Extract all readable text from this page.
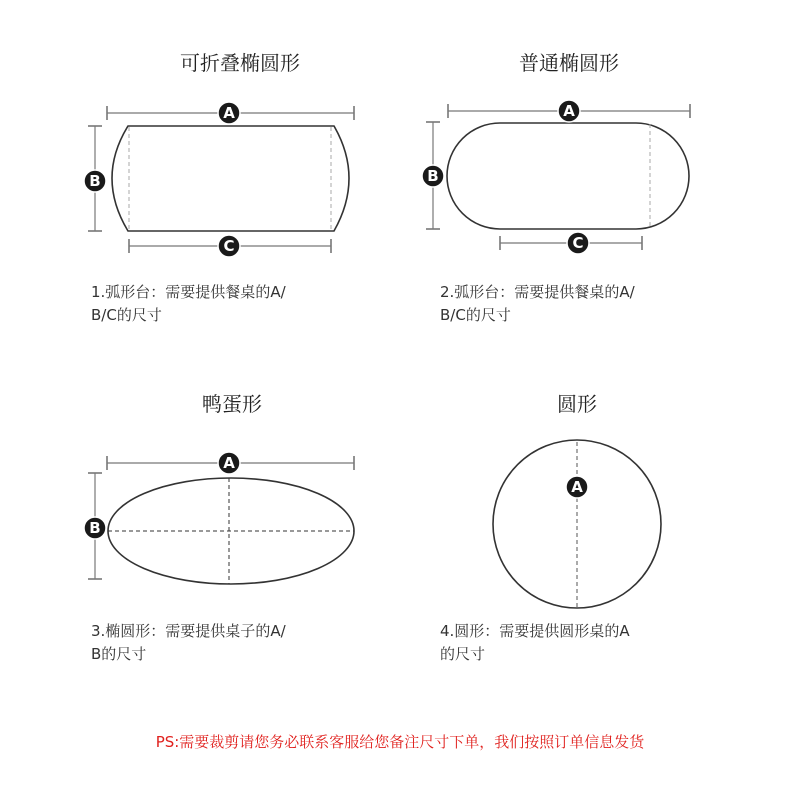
A
B
C
A
B
C
A
B
A
可折叠椭圆形	普通椭圆形
鸭蛋形	圆形
1.弧形台：需要提供餐桌的A/
B/C的尺寸
2.弧形台：需要提供餐桌的A/
B/C的尺寸
3.椭圆形：需要提供桌子的A/
B的尺寸
4.圆形：需要提供圆形桌的A
的尺寸
PS:需要裁剪请您务必联系客服给您备注尺寸下单，我们按照订单信息发货
